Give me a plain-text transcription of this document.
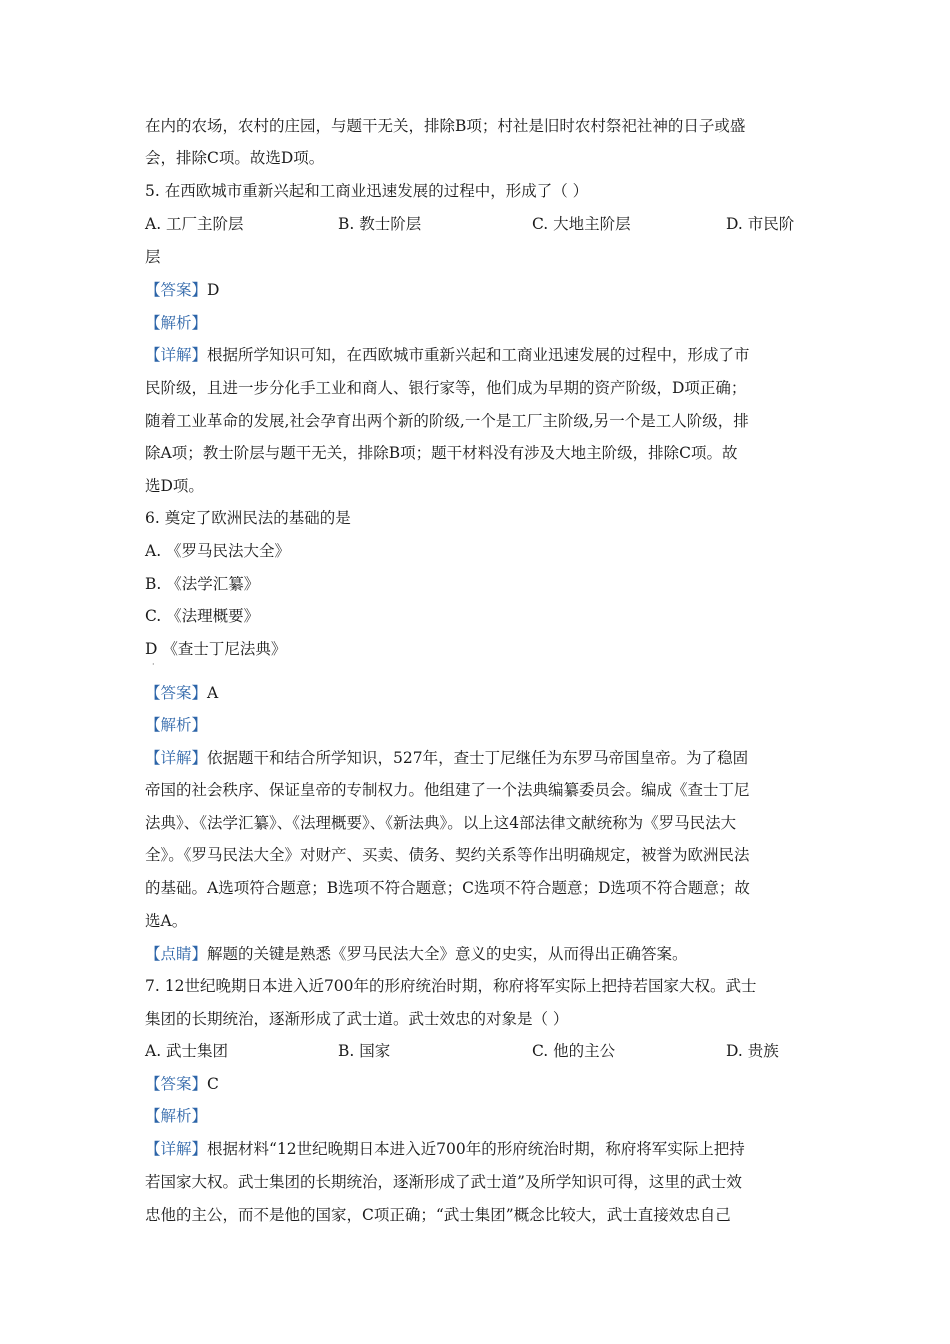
在内的农场，农村的庄园，与题干无关，排除B项；村社是旧时农村祭祀社神的日子或盛
会，排除C项。故选D项。
5. 在西欧城市重新兴起和工商业迅速发展的过程中，形成了（ ）
A. 工厂主阶层	B. 教士阶层	C. 大地主阶层	D. 市民阶
层
【答案】D
【解析】
【详解】根据所学知识可知，在西欧城市重新兴起和工商业迅速发展的过程中，形成了市
民阶级，且进一步分化手工业和商人、银行家等，他们成为早期的资产阶级，D项正确；
随着工业革命的发展,社会孕育出两个新的阶级,一个是工厂主阶级,另一个是工人阶级，排
除A项；教士阶层与题干无关，排除B项；题干材料没有涉及大地主阶级，排除C项。故
选D项。
6. 奠定了欧洲民法的基础的是
A. 《罗马民法大全》
B. 《法学汇纂》
C. 《法理概要》
D 《查士丁尼法典》
·
【答案】A
【解析】
【详解】依据题干和结合所学知识，527年，查士丁尼继任为东罗马帝国皇帝。为了稳固
帝国的社会秩序、保证皇帝的专制权力。他组建了一个法典编纂委员会。编成《查士丁尼
法典》、《法学汇纂》、《法理概要》、《新法典》。以上这4部法律文献统称为《罗马民法大
全》。《罗马民法大全》对财产、买卖、债务、契约关系等作出明确规定，被誉为欧洲民法
的基础。A选项符合题意；B选项不符合题意；C选项不符合题意；D选项不符合题意；故
选A。
【点睛】解题的关键是熟悉《罗马民法大全》意义的史实，从而得出正确答案。
7. 12世纪晚期日本进入近700年的形府统治时期，称府将军实际上把持若国家大权。武士
集团的长期统治，逐渐形成了武士道。武士效忠的对象是（ ）
A. 武士集团	B. 国家	C. 他的主公	D. 贵族
【答案】C
【解析】
【详解】根据材料“12世纪晚期日本进入近700年的形府统治时期，称府将军实际上把持
若国家大权。武士集团的长期统治，逐渐形成了武士道”及所学知识可得，这里的武士效
忠他的主公，而不是他的国家，C项正确；“武士集团”概念比较大，武士直接效忠自己
